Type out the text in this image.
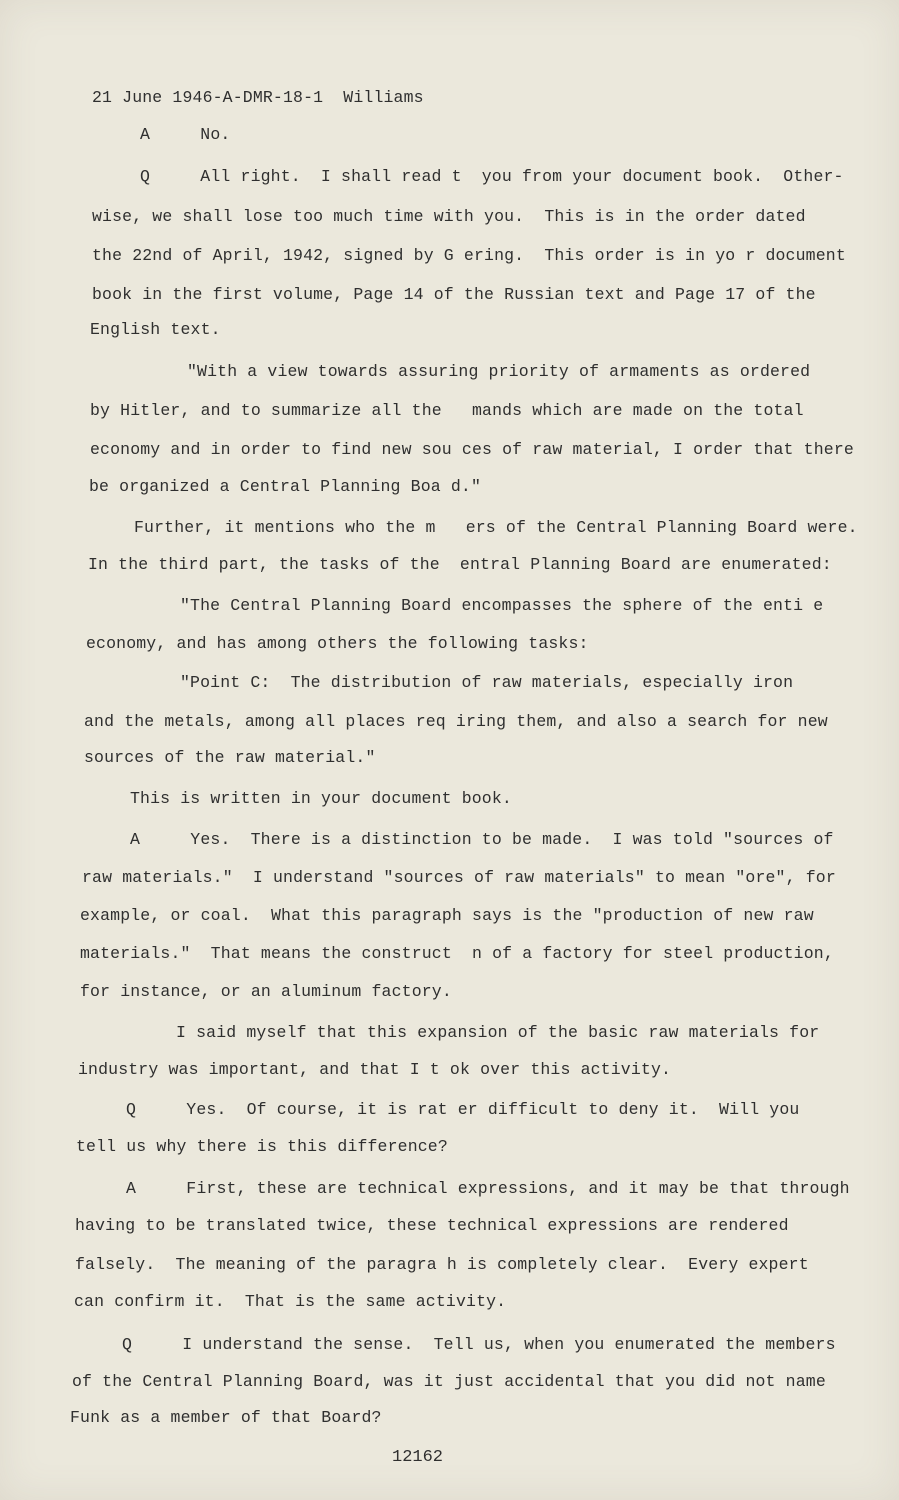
21 June 1946-A-DMR-18-1  Williams
A     No.
Q     All right.  I shall read t  you from your document book.  Other-
wise, we shall lose too much time with you.  This is in the order dated
the 22nd of April, 1942, signed by G ering.  This order is in yo r document
book in the first volume, Page 14 of the Russian text and Page 17 of the
English text.
"With a view towards assuring priority of armaments as ordered
by Hitler, and to summarize all the   mands which are made on the total
economy and in order to find new sou ces of raw material, I order that there
be organized a Central Planning Boa d."
Further, it mentions who the m   ers of the Central Planning Board were.
In the third part, the tasks of the  entral Planning Board are enumerated:
"The Central Planning Board encompasses the sphere of the enti e
economy, and has among others the following tasks:
"Point C:  The distribution of raw materials, especially iron
and the metals, among all places req iring them, and also a search for new
sources of the raw material."
This is written in your document book.
A     Yes.  There is a distinction to be made.  I was told "sources of
raw materials."  I understand "sources of raw materials" to mean "ore", for
example, or coal.  What this paragraph says is the "production of new raw
materials."  That means the construct  n of a factory for steel production,
for instance, or an aluminum factory.
I said myself that this expansion of the basic raw materials for
industry was important, and that I t ok over this activity.
Q     Yes.  Of course, it is rat er difficult to deny it.  Will you
tell us why there is this difference?
A     First, these are technical expressions, and it may be that through
having to be translated twice, these technical expressions are rendered
falsely.  The meaning of the paragra h is completely clear.  Every expert
can confirm it.  That is the same activity.
Q     I understand the sense.  Tell us, when you enumerated the members
of the Central Planning Board, was it just accidental that you did not name
Funk as a member of that Board?
12162
